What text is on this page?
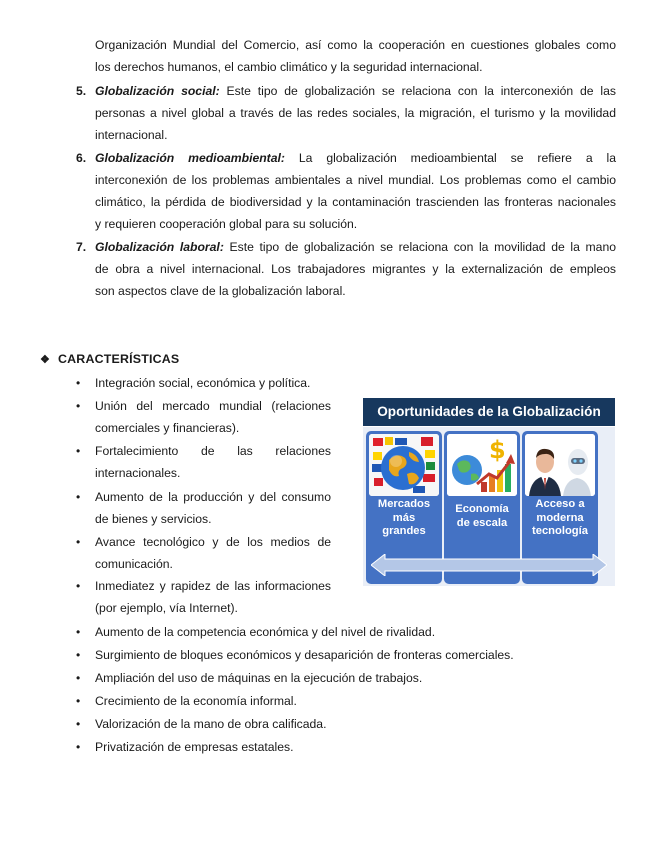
Organización Mundial del Comercio, así como la cooperación en cuestiones globales como
los derechos humanos, el cambio climático y la seguridad internacional.
5. Globalización social: Este tipo de globalización se relaciona con la interconexión de las
personas a nivel global a través de las redes sociales, la migración, el turismo y la movilidad
internacional.
6. Globalización medioambiental: La globalización medioambiental se refiere a la
interconexión de los problemas ambientales a nivel mundial. Los problemas como el cambio
climático, la pérdida de biodiversidad y la contaminación trascienden las fronteras nacionales
y requieren cooperación global para su solución.
7. Globalización laboral: Este tipo de globalización se relaciona con la movilidad de la mano
de obra a nivel internacional. Los trabajadores migrantes y la externalización de empleos
son aspectos clave de la globalización laboral.
❖ CARACTERÍSTICAS
•
Integración social, económica y política.
•
Unión del mercado mundial (relaciones
comerciales y financieras).
•
Fortalecimiento de las relaciones
internacionales.
•
Aumento de la producción y del consumo
de bienes y servicios.
•
Avance tecnológico y de los medios de
comunicación.
•
Inmediatez y rapidez de las informaciones
(por ejemplo, vía Internet).
•
Aumento de la competencia económica y del nivel de rivalidad.
•
Surgimiento de bloques económicos y desaparición de fronteras comerciales.
•
Ampliación del uso de máquinas en la ejecución de trabajos.
•
Crecimiento de la economía informal.
•
Valorización de la mano de obra calificada.
•
Privatización de empresas estatales.
Oportunidades de la Globalización
Mercados
más
grandes
$
Economía
de escala
Acceso a
moderna
tecnología
